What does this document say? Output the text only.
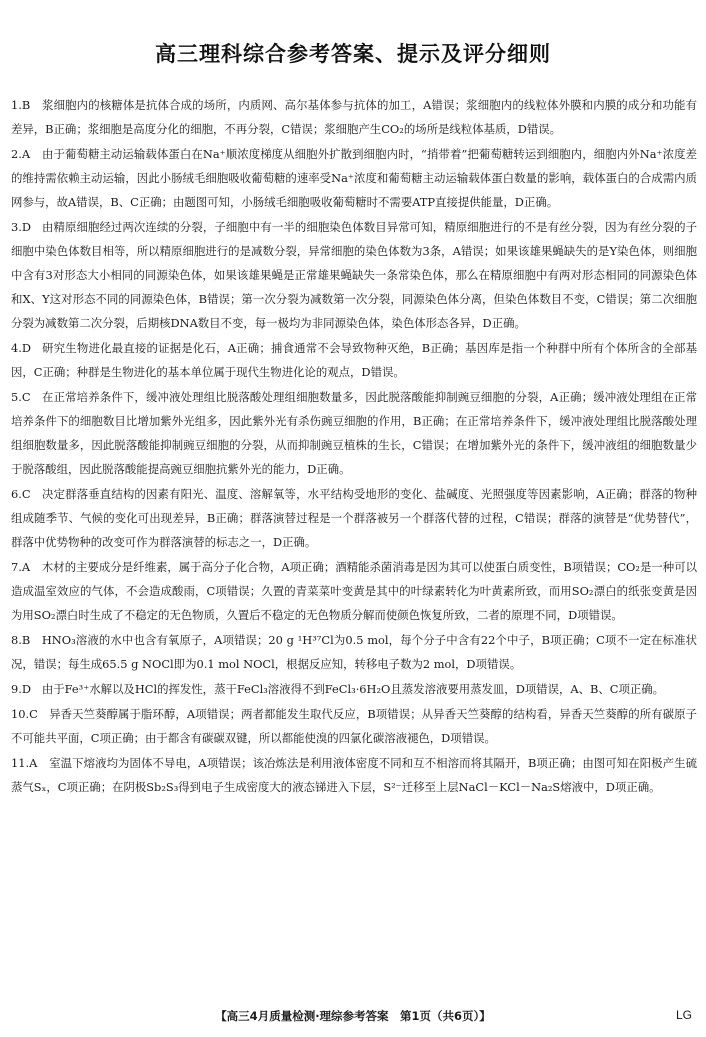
高三理科综合参考答案、提示及评分细则

1.B 浆细胞内的核糖体是抗体合成的场所，内质网、高尔基体参与抗体的加工，A错误；浆细胞内的线粒体外膜和内膜的成分和功能有差异，B正确；浆细胞是高度分化的细胞，不再分裂，C错误；浆细胞产生CO₂的场所是线粒体基质，D错误。

2.A 由于葡萄糖主动运输载体蛋白在Na⁺顺浓度梯度从细胞外扩散到细胞内时，“捎带着”把葡萄糖转运到细胞内，细胞内外Na⁺浓度差的维持需依赖主动运输，因此小肠绒毛细胞吸收葡萄糖的速率受Na⁺浓度和葡萄糖主动运输载体蛋白数量的影响，载体蛋白的合成需内质网参与，故A错误，B、C正确；由题图可知，小肠绒毛细胞吸收葡萄糖时不需要ATP直接提供能量，D正确。

3.D 由精原细胞经过两次连续的分裂，子细胞中有一半的细胞染色体数目异常可知，精原细胞进行的不是有丝分裂，因为有丝分裂的子细胞中染色体数目相等，所以精原细胞进行的是减数分裂，异常细胞的染色体数为3条，A错误；如果该雄果蝇缺失的是Y染色体，则细胞中含有3对形态大小相同的同源染色体，如果该雄果蝇是正常雄果蝇缺失一条常染色体，那么在精原细胞中有两对形态相同的同源染色体和X、Y这对形态不同的同源染色体，B错误；第一次分裂为减数第一次分裂，同源染色体分离，但染色体数目不变，C错误；第二次细胞分裂为减数第二次分裂，后期核DNA数目不变，每一极均为非同源染色体，染色体形态各异，D正确。

4.D 研究生物进化最直接的证据是化石，A正确；捕食通常不会导致物种灭绝，B正确；基因库是指一个种群中所有个体所含的全部基因，C正确；种群是生物进化的基本单位属于现代生物进化论的观点，D错误。

5.C 在正常培养条件下，缓冲液处理组比脱落酸处理组细胞数量多，因此脱落酸能抑制豌豆细胞的分裂，A正确；缓冲液处理组在正常培养条件下的细胞数目比增加紫外光组多，因此紫外光有杀伤豌豆细胞的作用，B正确；在正常培养条件下，缓冲液处理组比脱落酸处理组细胞数量多，因此脱落酸能抑制豌豆细胞的分裂，从而抑制豌豆植株的生长，C错误；在增加紫外光的条件下，缓冲液组的细胞数量少于脱落酸组，因此脱落酸能提高豌豆细胞抗紫外光的能力，D正确。

6.C 决定群落垂直结构的因素有阳光、温度、溶解氧等，水平结构受地形的变化、盐碱度、光照强度等因素影响，A正确；群落的物种组成随季节、气候的变化可出现差异，B正确；群落演替过程是一个群落被另一个群落代替的过程，C错误；群落的演替是“优势替代”，群落中优势物种的改变可作为群落演替的标志之一，D正确。

7.A 木材的主要成分是纤维素，属于高分子化合物，A项正确；酒精能杀菌消毒是因为其可以使蛋白质变性，B项错误；CO₂是一种可以造成温室效应的气体，不会造成酸雨，C项错误；久置的青菜菜叶变黄是其中的叶绿素转化为叶黄素所致，而用SO₂漂白的纸张变黄是因为用SO₂漂白时生成了不稳定的无色物质，久置后不稳定的无色物质分解而使颜色恢复所致，二者的原理不同，D项错误。

8.B HNO₃溶液的水中也含有氧原子，A项错误；20 g ¹H³⁷Cl为0.5 mol，每个分子中含有22个中子，B项正确；C项不一定在标准状况，错误；每生成65.5 g NOCl即为0.1 mol NOCl，根据反应知，转移电子数为2 mol，D项错误。

9.D 由于Fe³⁺水解以及HCl的挥发性，蒸干FeCl₃溶液得不到FeCl₃·6H₂O且蒸发溶液要用蒸发皿，D项错误，A、B、C项正确。

10.C 异香天竺葵醇属于脂环醇，A项错误；两者都能发生取代反应，B项错误；从异香天竺葵醇的结构看，异香天竺葵醇的所有碳原子不可能共平面，C项正确；由于都含有碳碳双键，所以都能使溴的四氯化碳溶液褪色，D项错误。

11.A 室温下熔液均为固体不导电，A项错误；该冶炼法是利用液体密度不同和互不相溶而将其隔开，B项正确；由图可知在阳极产生硫蒸气Sₓ，C项正确；在阴极Sb₂S₃得到电子生成密度大的液态锑进入下层，S²⁻迁移至上层NaCl－KCl－Na₂S熔液中，D项正确。

【高三4月质量检测·理综参考答案　第1页（共6页）】	LG
